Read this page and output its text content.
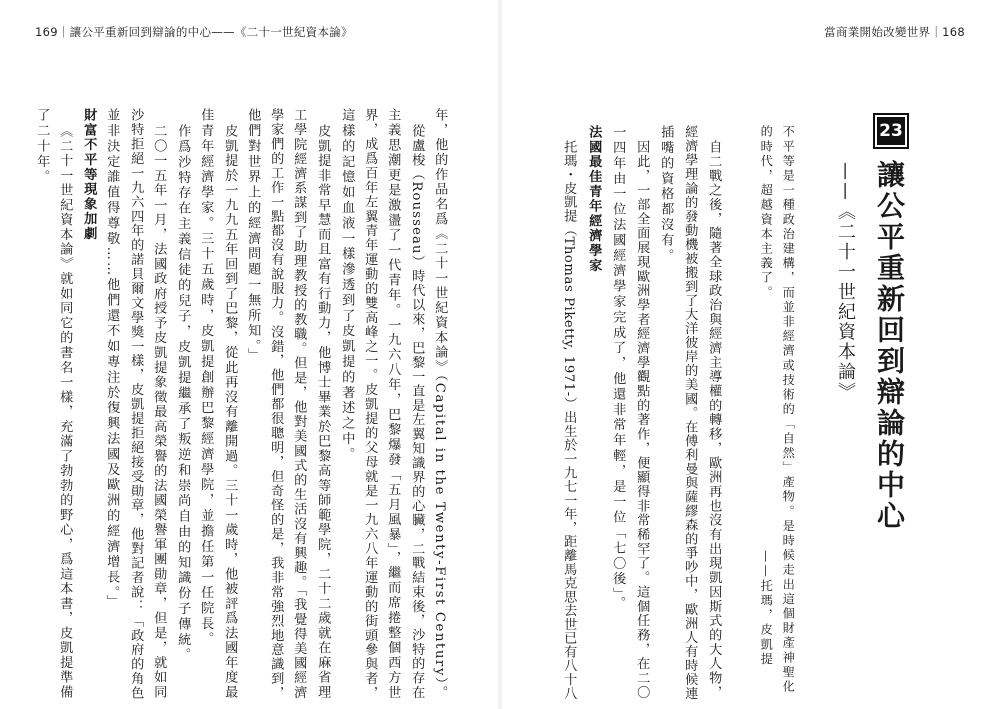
169｜讓公平重新回到辯論的中心——《二十一世紀資本論》	當商業開始改變世界｜168
23
讓公平重新回到辯論的中心
——《二十一世紀資本論》
不平等是一種政治建構，而並非經濟或技術的「自然」產物。是時候走出這個財產神聖化
的時代，超越資本主義了。
——托瑪，皮凱提
自二戰之後，隨著全球政治與經濟主導權的轉移，歐洲再也沒有出現凱因斯式的大人物，
經濟學理論的發動機被搬到了大洋彼岸的美國。在傅利曼與薩繆森的爭吵中，歐洲人有時候連
插嘴的資格都沒有。
因此，一部全面展現歐洲學者經濟學觀點的著作，便顯得非常稀罕了。這個任務，在二〇
一四年由一位法國經濟學家完成了，他還非常年輕，是一位「七〇後」。
法國最佳青年經濟學家
托瑪・皮凱提（Thomas Piketty, 1971-）出生於一九七一年，距離馬克思去世已有八十八
年，他的作品名爲《二十一世紀資本論》（Capital in the Twenty-First Century）。
從盧梭（Rousseau）時代以來，巴黎一直是左翼知識界的心臟，二戰結束後，沙特的存在
主義思潮更是激盪了一代青年。一九六八年，巴黎爆發「五月風暴」，繼而席捲整個西方世
界，成爲百年左翼青年運動的雙高峰之一。皮凱提的父母就是一九六八年運動的街頭參與者，
這樣的記憶如血液一樣滲透到了皮凱提的著述之中。
皮凱提非常早慧而且富有行動力，他博士畢業於巴黎高等師範學院，二十二歲就在麻省理
工學院經濟系謀到了助理教授的教職。但是，他對美國式的生活沒有興趣。「我覺得美國經濟
學家們的工作一點都沒有說服力。沒錯，他們都很聰明，但奇怪的是，我非常強烈地意識到，
他們對世界上的經濟問題一無所知。」
皮凱提於一九九五年回到了巴黎，從此再沒有離開過。三十一歲時，他被評爲法國年度最
佳青年經濟學家。三十五歲時，皮凱提創辦巴黎經濟學院，並擔任第一任院長。
作爲沙特存在主義信徒的兒子，皮凱提繼承了叛逆和崇尚自由的知識份子傳統。
二〇一五年一月，法國政府授予皮凱提象徵最高榮譽的法國榮譽軍團勛章，但是，就如同
沙特拒絕一九六四年的諾貝爾文學獎一樣，皮凱提拒絕接受勛章，他對記者說：「政府的角色
並非決定誰值得尊敬……他們還不如專注於復興法國及歐洲的經濟增長。」
財富不平等現象加劇
《二十一世紀資本論》就如同它的書名一樣，充滿了勃勃的野心，爲這本書，皮凱提準備
了二十年。
